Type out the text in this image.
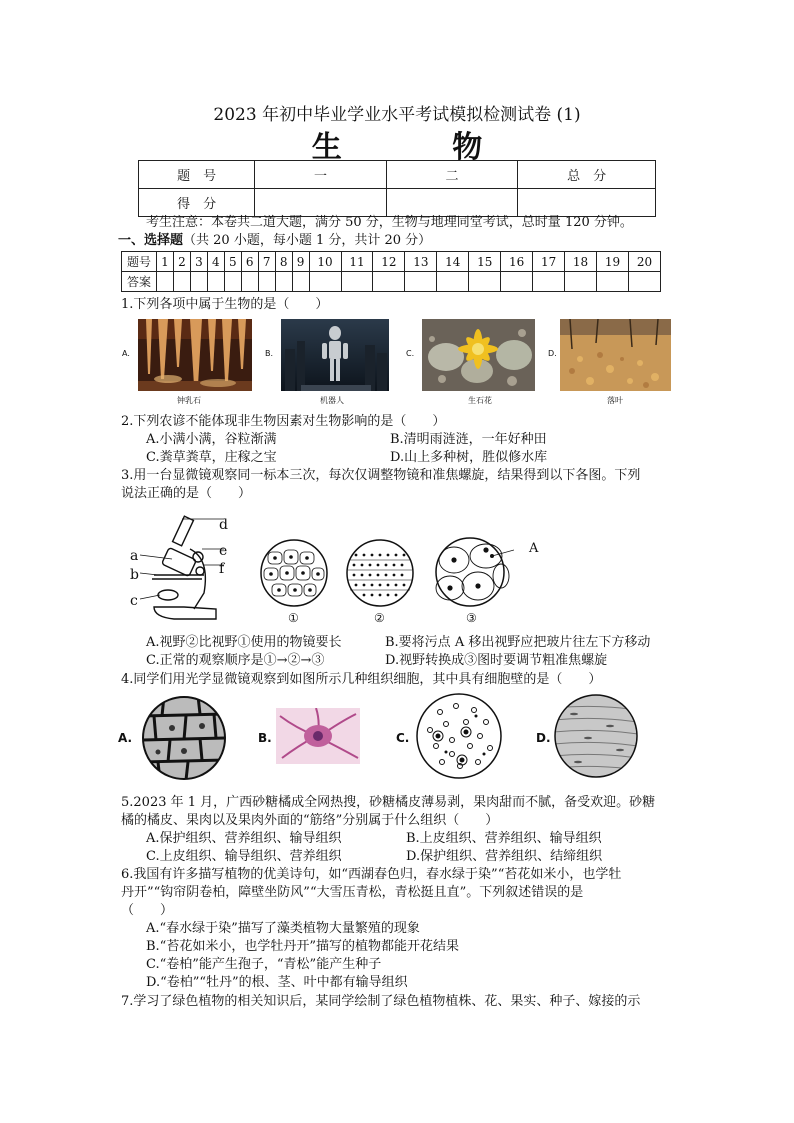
2023 年初中毕业学业水平考试模拟检测试卷 (1)
生 物
题　号	一	二	总　分
得　分			
考生注意：本卷共二道大题，满分 50 分，生物与地理同堂考试，总时量 120 分钟。
一、选择题（共 20 小题，每小题 1 分，共计 20 分）
题号	1	2	3	4	5	6	7	8	9	10	11	12	13	14	15	16	17	18	19	20
答案																				
1.下列各项中属于生物的是（　　）
A.
钟乳石
B.
机器人
C.
生石花
D.
落叶
2.下列农谚不能体现非生物因素对生物影响的是（　　）
A.小满小满，谷粒渐满	B.清明雨涟涟，一年好种田
C.粪草粪草，庄稼之宝	D.山上多种树，胜似修水库
3.用一台显微镜观察同一标本三次，每次仅调整物镜和准焦螺旋，结果得到以下各图。下列
说法正确的是（　　）
a
b
c
d
e
f
A
①	②	③
A.视野②比视野①使用的物镜要长	B.要将污点 A 移出视野应把玻片往左下方移动
C.正常的观察顺序是①→②→③	D.视野转换成③图时要调节粗准焦螺旋
4.同学们用光学显微镜观察到如图所示几种组织细胞，其中具有细胞壁的是（　　）
A.	B.	C.	D.
5.2023 年 1 月，广西砂糖橘成全网热搜，砂糖橘皮薄易剥，果肉甜而不腻，备受欢迎。砂糖
橘的橘皮、果肉以及果肉外面的“筋络”分别属于什么组织（　　）
A.保护组织、营养组织、输导组织	B.上皮组织、营养组织、输导组织
C.上皮组织、输导组织、营养组织	D.保护组织、营养组织、结缔组织
6.我国有许多描写植物的优美诗句，如“西湖春色归，春水绿于染”“苔花如米小，也学牡
丹开”“钩帘阴卷柏，障壁坐防风”“大雪压青松，青松挺且直”。下列叙述错误的是
（　　）
A.“春水绿于染”描写了藻类植物大量繁殖的现象
B.“苔花如米小，也学牡丹开”描写的植物都能开花结果
C.“卷柏”能产生孢子，“青松”能产生种子
D.“卷柏”“牡丹”的根、茎、叶中都有输导组织
7.学习了绿色植物的相关知识后，某同学绘制了绿色植物植株、花、果实、种子、嫁接的示
